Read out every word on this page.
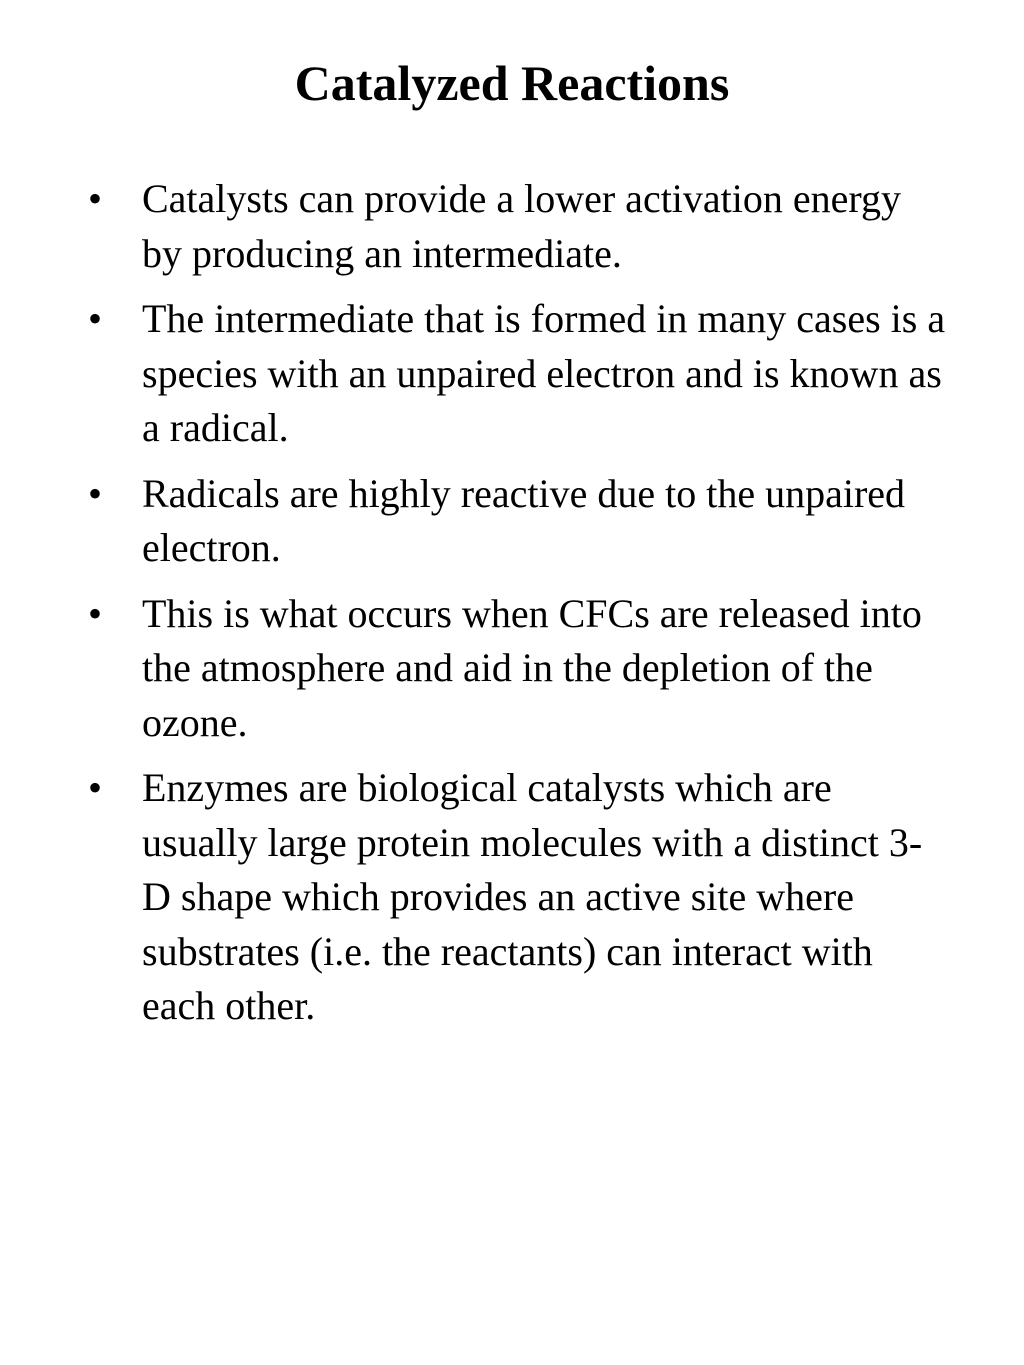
Catalyzed Reactions
• Catalysts can provide a lower activation energy by producing an intermediate.
• The intermediate that is formed in many cases is a species with an unpaired electron and is known as a radical.
• Radicals are highly reactive due to the unpaired electron.
• This is what occurs when CFCs are released into the atmosphere and aid in the depletion of the ozone.
• Enzymes are biological catalysts which are usually large protein molecules with a distinct 3-D shape which provides an active site where substrates (i.e. the reactants) can interact with each other.
